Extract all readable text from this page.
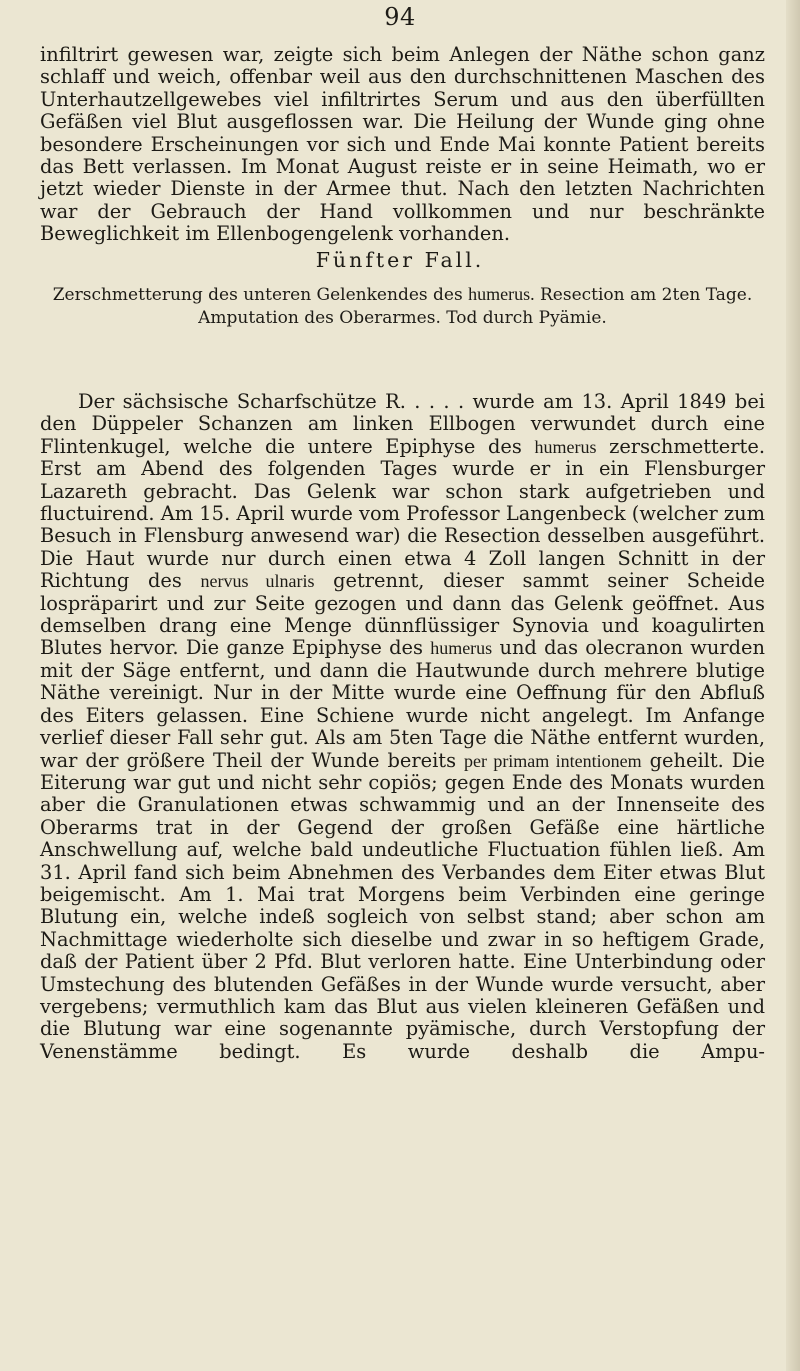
94

infiltrirt gewesen war, zeigte sich beim Anlegen der Näthe schon ganz schlaff und weich, offenbar weil aus den durchschnittenen Maschen des Unterhautzellgewebes viel infiltrirtes Serum und aus den überfüllten Gefäßen viel Blut ausgeflossen war. Die Heilung der Wunde ging ohne besondere Erscheinungen vor sich und Ende Mai konnte Patient bereits das Bett verlassen. Im Monat August reiste er in seine Heimath, wo er jetzt wieder Dienste in der Armee thut. Nach den letzten Nachrichten war der Gebrauch der Hand vollkommen und nur beschränkte Beweglichkeit im Ellenbogengelenk vorhanden.

Fünfter Fall.
Zerschmetterung des unteren Gelenkendes des humerus. Resection am 2ten Tage.
Amputation des Oberarmes. Tod durch Pyämie.

Der sächsische Scharfschütze R. . . . . wurde am 13. April 1849 bei den Düppeler Schanzen am linken Ellbogen verwundet durch eine Flintenkugel, welche die untere Epiphyse des humerus zerschmetterte. Erst am Abend des folgenden Tages wurde er in ein Flensburger Lazareth gebracht. Das Gelenk war schon stark aufgetrieben und fluctuirend. Am 15. April wurde vom Professor Langenbeck (welcher zum Besuch in Flensburg anwesend war) die Resection desselben ausgeführt. Die Haut wurde nur durch einen etwa 4 Zoll langen Schnitt in der Richtung des nervus ulnaris getrennt, dieser sammt seiner Scheide lospräparirt und zur Seite gezogen und dann das Gelenk geöffnet. Aus demselben drang eine Menge dünnflüssiger Synovia und koagulirten Blutes hervor. Die ganze Epiphyse des humerus und das olecranon wurden mit der Säge entfernt, und dann die Hautwunde durch mehrere blutige Näthe vereinigt. Nur in der Mitte wurde eine Oeffnung für den Abfluß des Eiters gelassen. Eine Schiene wurde nicht angelegt. Im Anfange verlief dieser Fall sehr gut. Als am 5ten Tage die Näthe entfernt wurden, war der größere Theil der Wunde bereits per primam intentionem geheilt. Die Eiterung war gut und nicht sehr copiös; gegen Ende des Monats wurden aber die Granulationen etwas schwammig und an der Innenseite des Oberarms trat in der Gegend der großen Gefäße eine härtliche Anschwellung auf, welche bald undeutliche Fluctuation fühlen ließ. Am 31. April fand sich beim Abnehmen des Verbandes dem Eiter etwas Blut beigemischt. Am 1. Mai trat Morgens beim Verbinden eine geringe Blutung ein, welche indeß sogleich von selbst stand; aber schon am Nachmittage wiederholte sich dieselbe und zwar in so heftigem Grade, daß der Patient über 2 Pfd. Blut verloren hatte. Eine Unterbindung oder Umstechung des blutenden Gefäßes in der Wunde wurde versucht, aber vergebens; vermuthlich kam das Blut aus vielen kleineren Gefäßen und die Blutung war eine sogenannte pyämische, durch Verstopfung der Venenstämme bedingt. Es wurde deshalb die Ampu-
